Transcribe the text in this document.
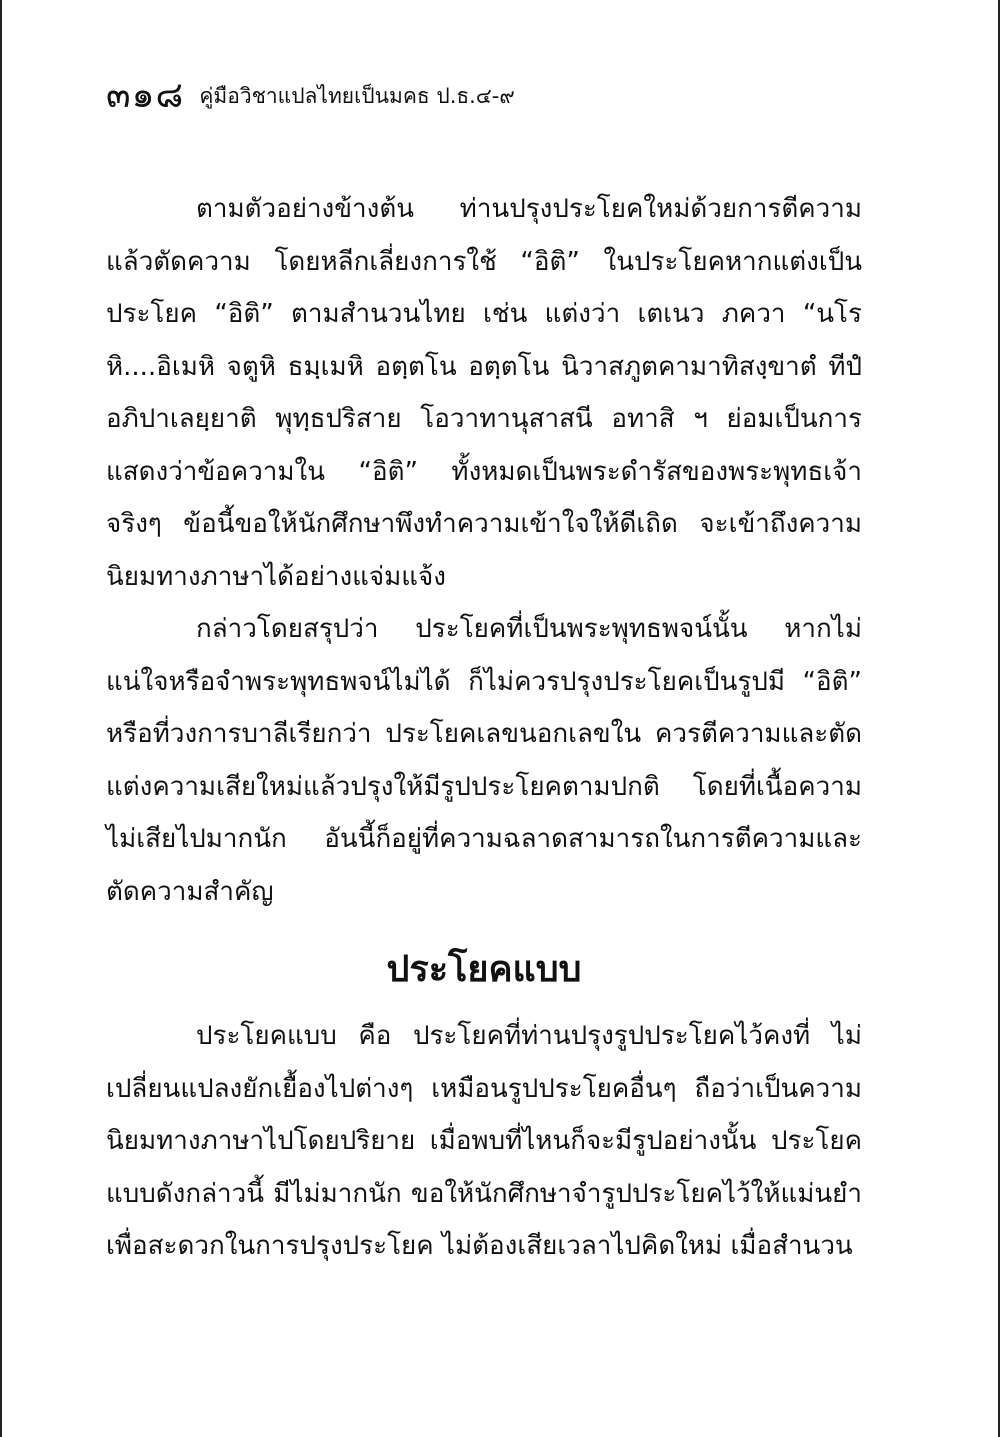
๓๑๘ คู่มือวิชาแปลไทยเป็นมคธ ป.ธ.๔-๙

ตามตัวอย่างข้างต้น ท่านปรุงประโยคใหม่ด้วยการตีความแล้วตัดความ โดยหลีกเลี่ยงการใช้ “อิติ” ในประโยคหากแต่งเป็นประโยค “อิติ” ตามสำนวนไทย เช่น แต่งว่า เตเนว ภควา “นโร หิ....อิเมหิ จตูหิ ธมฺเมหิ อตฺตโน อตฺตโน นิวาสภูตคามาทิสงฺขาตํ ทีปํ อภิปาเลยฺยาติ พุทฺธปริสาย โอวาทานุสาสนี อทาสิ ฯ ย่อมเป็นการแสดงว่าข้อความใน “อิติ” ทั้งหมดเป็นพระดำรัสของพระพุทธเจ้าจริงๆ ข้อนี้ขอให้นักศึกษาพึงทำความเข้าใจให้ดีเถิด จะเข้าถึงความนิยมทางภาษาได้อย่างแจ่มแจ้ง

กล่าวโดยสรุปว่า ประโยคที่เป็นพระพุทธพจน์นั้น หากไม่แน่ใจหรือจำพระพุทธพจน์ไม่ได้ ก็ไม่ควรปรุงประโยคเป็นรูปมี “อิติ” หรือที่วงการบาลีเรียกว่า ประโยคเลขนอกเลขใน ควรตีความและตัดแต่งความเสียใหม่แล้วปรุงให้มีรูปประโยคตามปกติ โดยที่เนื้อความไม่เสียไปมากนัก อันนี้ก็อยู่ที่ความฉลาดสามารถในการตีความและตัดความสำคัญ

ประโยคแบบ

ประโยคแบบ คือ ประโยคที่ท่านปรุงรูปประโยคไว้คงที่ ไม่เปลี่ยนแปลงยักเยื้องไปต่างๆ เหมือนรูปประโยคอื่นๆ ถือว่าเป็นความนิยมทางภาษาไปโดยปริยาย เมื่อพบที่ไหนก็จะมีรูปอย่างนั้น ประโยคแบบดังกล่าวนี้ มีไม่มากนัก ขอให้นักศึกษาจำรูปประโยคไว้ให้แม่นยำเพื่อสะดวกในการปรุงประโยค ไม่ต้องเสียเวลาไปคิดใหม่ เมื่อสำนวน
